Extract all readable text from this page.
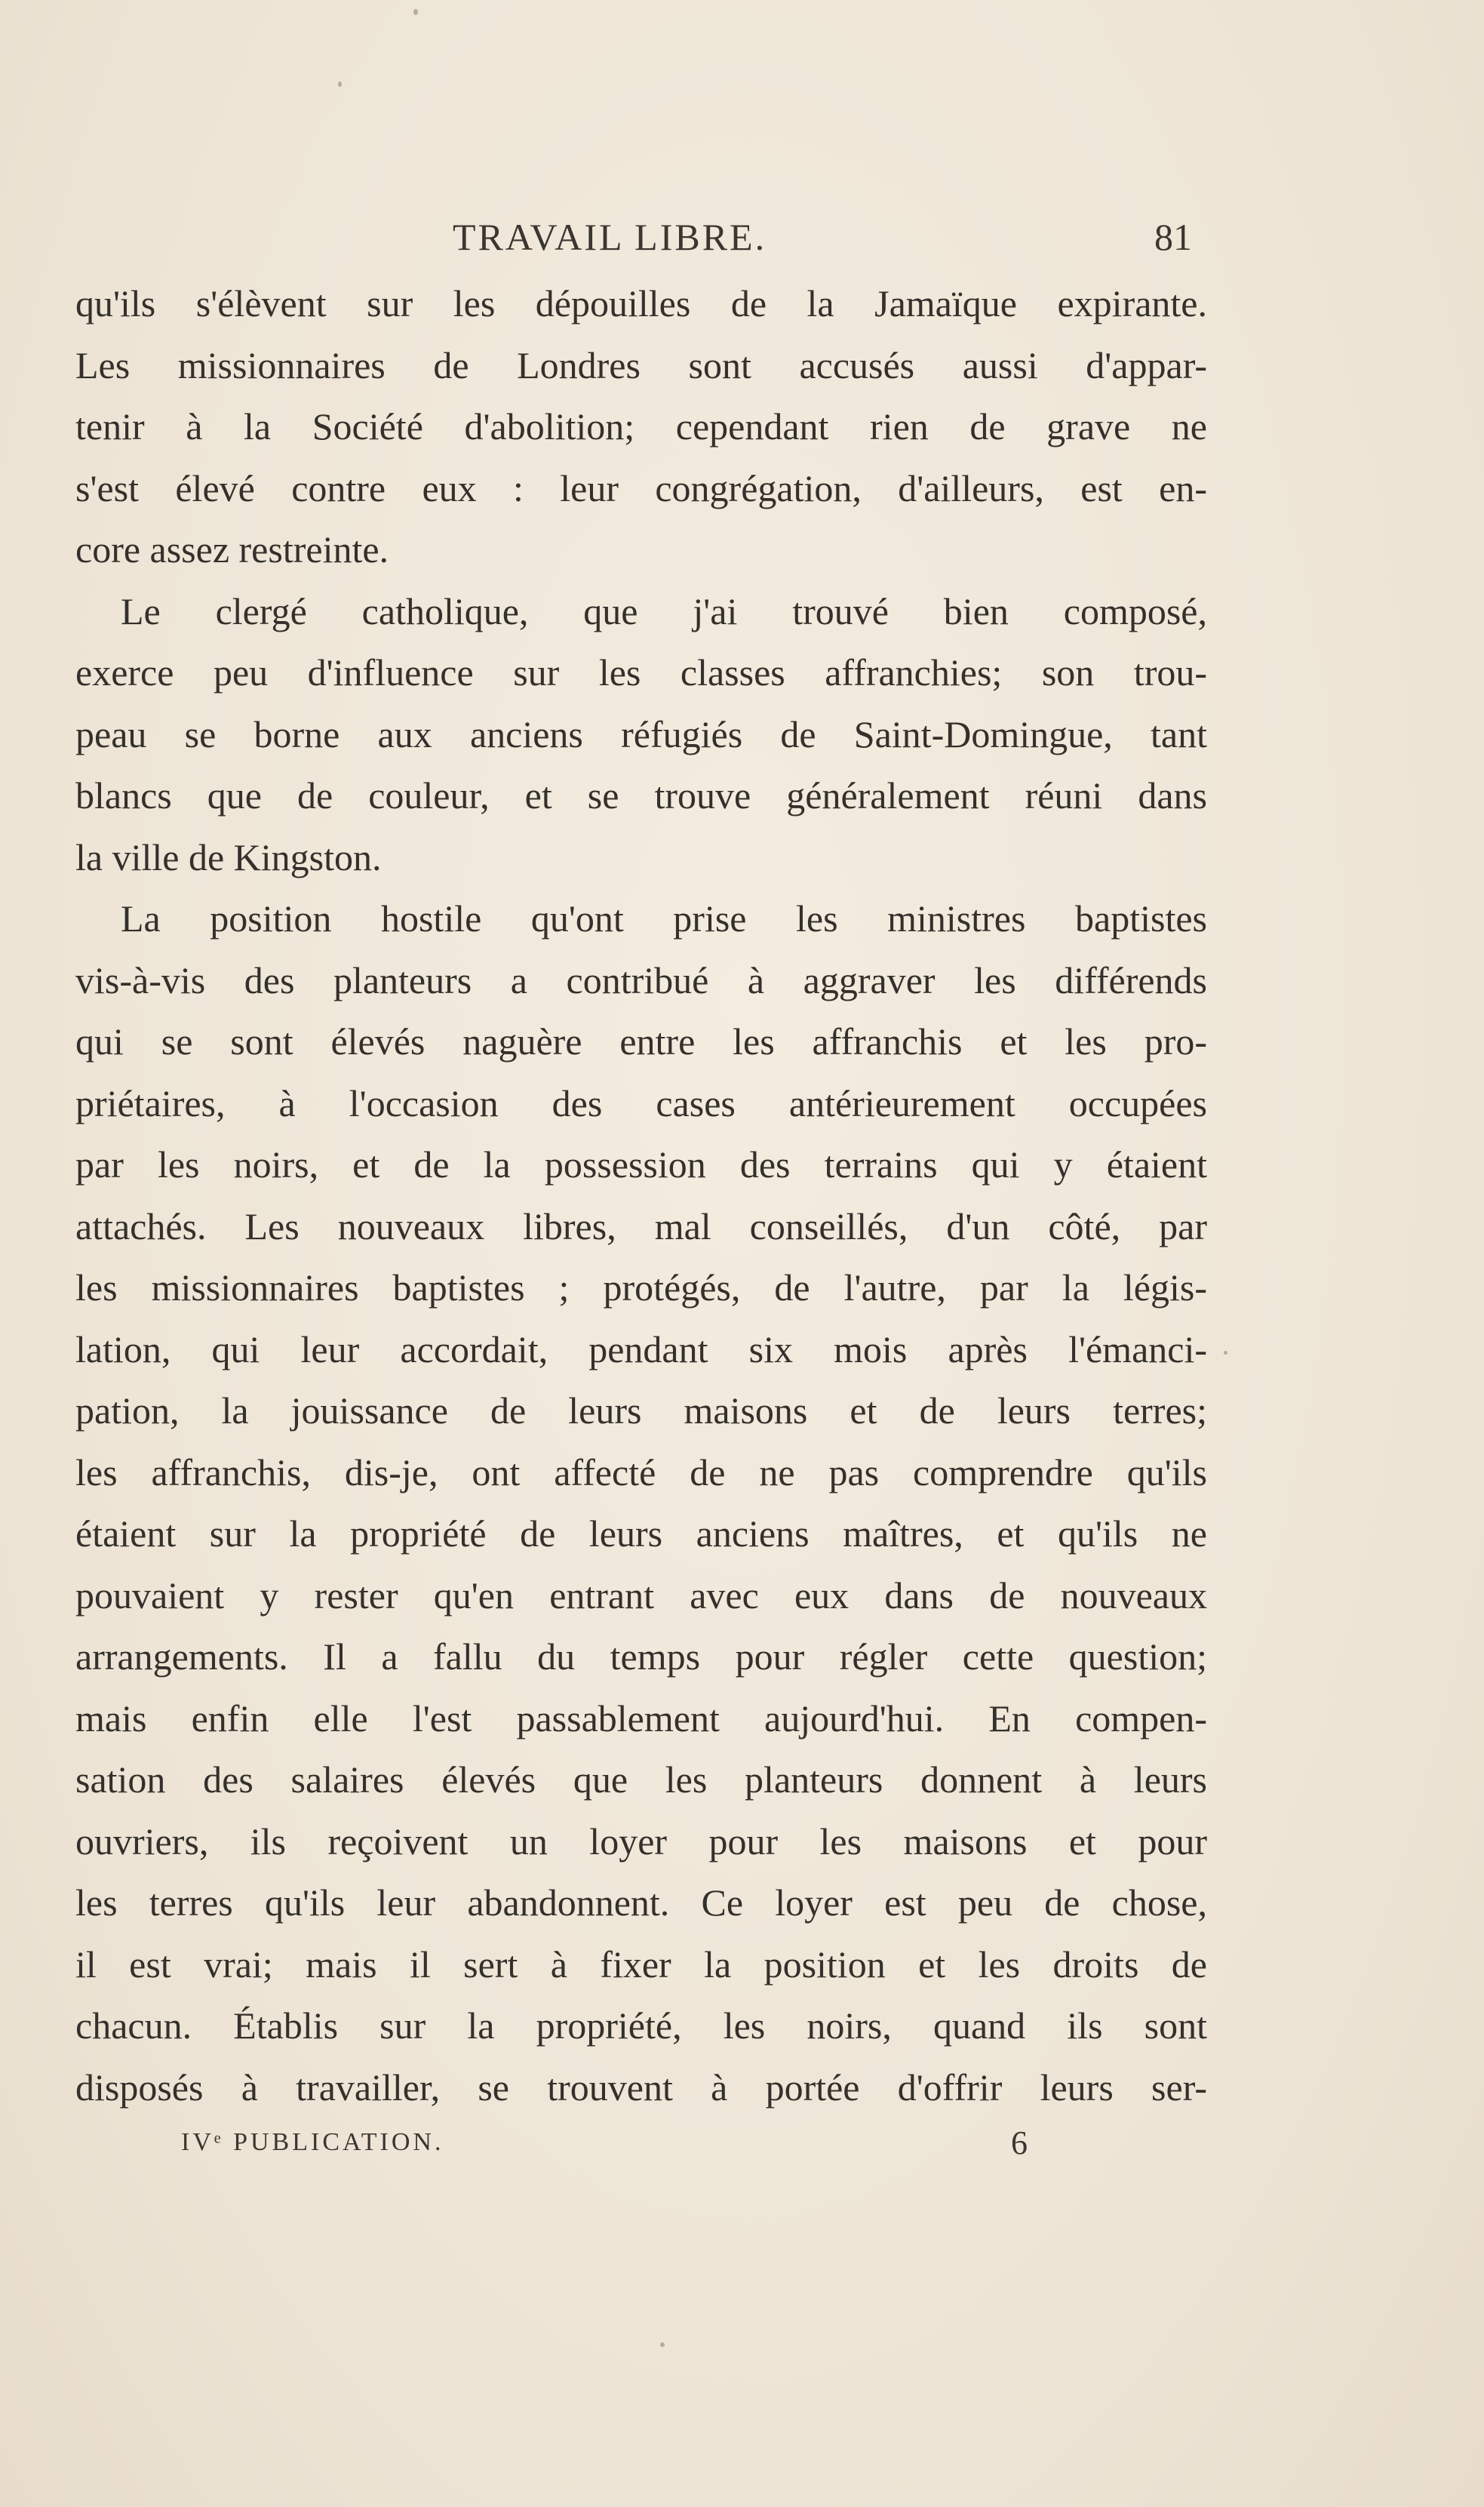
TRAVAIL LIBRE.	81
qu'ils s'élèvent sur les dépouilles de la Jamaïque expirante.
Les missionnaires de Londres sont accusés aussi d'appar-
tenir à la Société d'abolition; cependant rien de grave ne
s'est élevé contre eux : leur congrégation, d'ailleurs, est en-
core assez restreinte.
Le clergé catholique, que j'ai trouvé bien composé,
exerce peu d'influence sur les classes affranchies; son trou-
peau se borne aux anciens réfugiés de Saint-Domingue, tant
blancs que de couleur, et se trouve généralement réuni dans
la ville de Kingston.
La position hostile qu'ont prise les ministres baptistes
vis-à-vis des planteurs a contribué à aggraver les différends
qui se sont élevés naguère entre les affranchis et les pro-
priétaires, à l'occasion des cases antérieurement occupées
par les noirs, et de la possession des terrains qui y étaient
attachés. Les nouveaux libres, mal conseillés, d'un côté, par
les missionnaires baptistes ; protégés, de l'autre, par la légis-
lation, qui leur accordait, pendant six mois après l'émanci-
pation, la jouissance de leurs maisons et de leurs terres;
les affranchis, dis-je, ont affecté de ne pas comprendre qu'ils
étaient sur la propriété de leurs anciens maîtres, et qu'ils ne
pouvaient y rester qu'en entrant avec eux dans de nouveaux
arrangements. Il a fallu du temps pour régler cette question;
mais enfin elle l'est passablement aujourd'hui. En compen-
sation des salaires élevés que les planteurs donnent à leurs
ouvriers, ils reçoivent un loyer pour les maisons et pour
les terres qu'ils leur abandonnent. Ce loyer est peu de chose,
il est vrai; mais il sert à fixer la position et les droits de
chacun. Établis sur la propriété, les noirs, quand ils sont
disposés à travailler, se trouvent à portée d'offrir leurs ser-
IVᵉ PUBLICATION.	6
